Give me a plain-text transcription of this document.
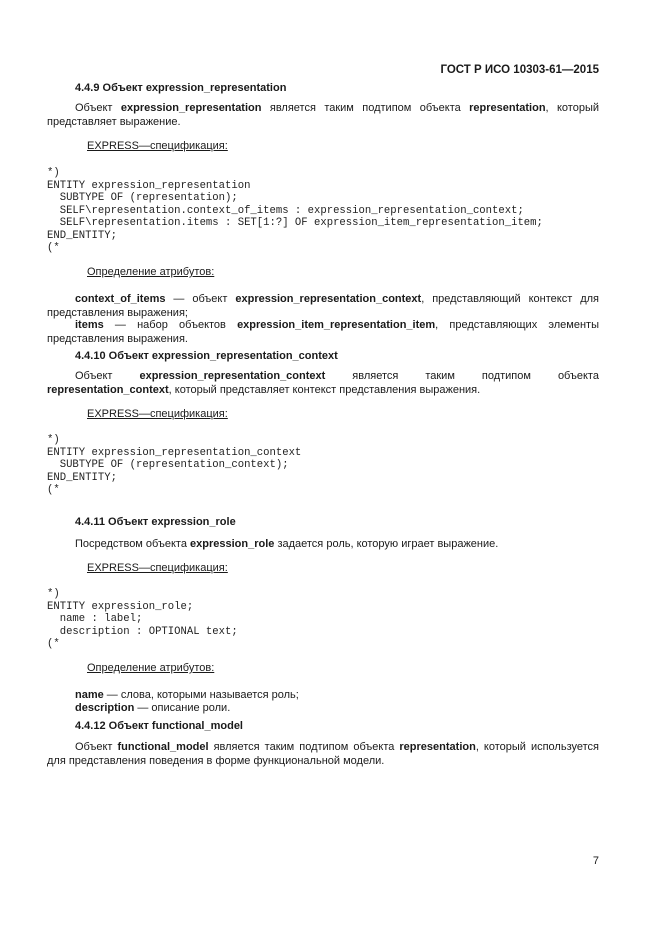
ГОСТ Р ИСО 10303-61—2015
4.4.9 Объект expression_representation
Объект expression_representation является таким подтипом объекта representation, который представляет выражение.
EXPRESS—спецификация:
*)
ENTITY expression_representation
SUBTYPE OF (representation);
SELF\representation.context_of_items : expression_representation_context;
SELF\representation.items : SET[1:?] OF expression_item_representation_item;
END_ENTITY;
(*
Определение атрибутов:
context_of_items — объект expression_representation_context, представляющий контекст для представления выражения;
items — набор объектов expression_item_representation_item, представляющих элементы представления выражения.
4.4.10 Объект expression_representation_context
Объект expression_representation_context является таким подтипом объекта
representation_context, который представляет контекст представления выражения.
EXPRESS—спецификация:
*)
ENTITY expression_representation_context
SUBTYPE OF (representation_context);
END_ENTITY;
(*
4.4.11 Объект expression_role
Посредством объекта expression_role задается роль, которую играет выражение.
EXPRESS—спецификация:
*)
ENTITY expression_role;
name : label;
description : OPTIONAL text;
(*
Определение атрибутов:
name — слова, которыми называется роль;
description — описание роли.
4.4.12 Объект functional_model
Объект functional_model является таким подтипом объекта representation, который используется для представления поведения в форме функциональной модели.
7
